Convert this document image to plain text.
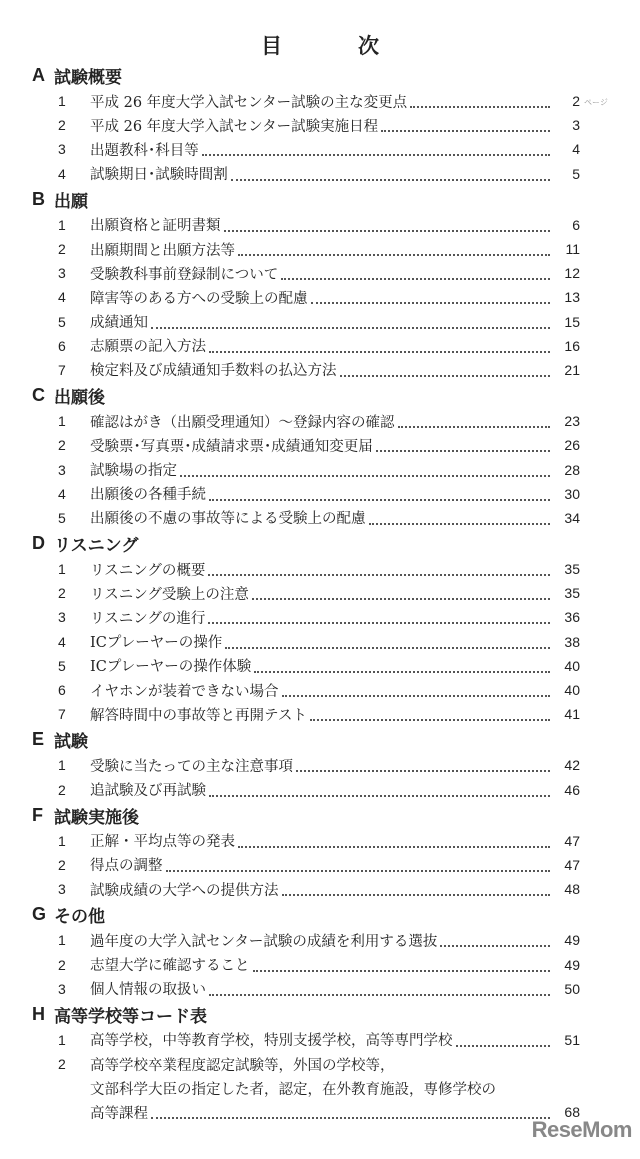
目	次
A 試験概要
1	平成 26 年度大学入試センター試験の主な変更点	2 ページ
2	平成 26 年度大学入試センター試験実施日程	3
3	出題教科･科目等	4
4	試験期日･試験時間割	5
B 出願
1	出願資格と証明書類	6
2	出願期間と出願方法等	11
3	受験教科事前登録制について	12
4	障害等のある方への受験上の配慮	13
5	成績通知	15
6	志願票の記入方法	16
7	検定料及び成績通知手数料の払込方法	21
C 出願後
1	確認はがき（出願受理通知）～登録内容の確認	23
2	受験票･写真票･成績請求票･成績通知変更届	26
3	試験場の指定	28
4	出願後の各種手続	30
5	出願後の不慮の事故等による受験上の配慮	34
D リスニング
1	リスニングの概要	35
2	リスニング受験上の注意	35
3	リスニングの進行	36
4	ICプレーヤーの操作	38
5	ICプレーヤーの操作体験	40
6	イヤホンが装着できない場合	40
7	解答時間中の事故等と再開テスト	41
E 試験
1	受験に当たっての主な注意事項	42
2	追試験及び再試験	46
F 試験実施後
1	正解・平均点等の発表	47
2	得点の調整	47
3	試験成績の大学への提供方法	48
G その他
1	過年度の大学入試センター試験の成績を利用する選抜	49
2	志望大学に確認すること	49
3	個人情報の取扱い	50
H 高等学校等コード表
1	高等学校，中等教育学校，特別支援学校，高等専門学校	51
2	高等学校卒業程度認定試験等，外国の学校等，
文部科学大臣の指定した者，認定，在外教育施設，専修学校の
高等課程	68
ReseMom
